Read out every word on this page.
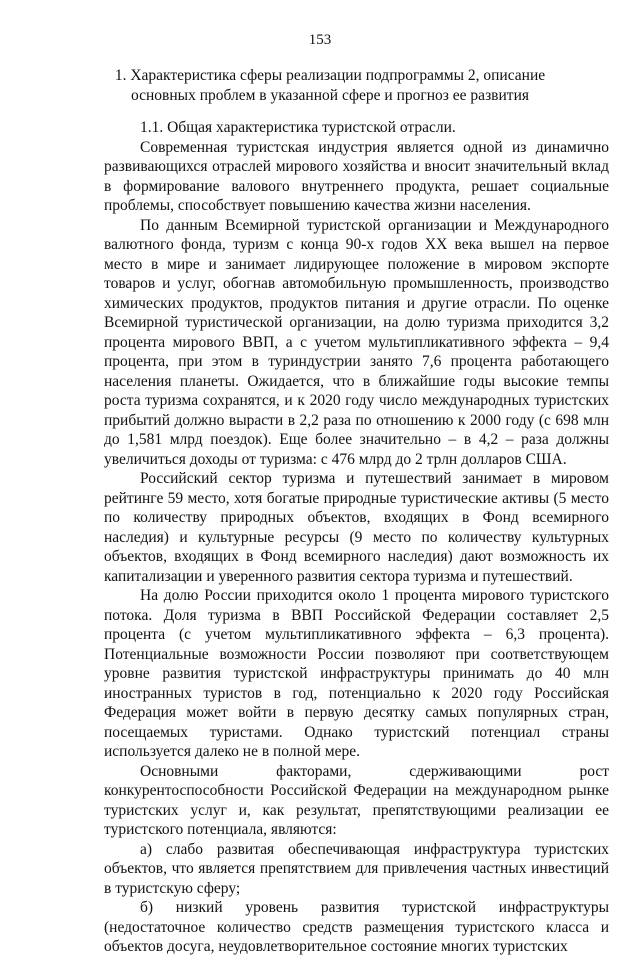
153
1. Характеристика сферы реализации подпрограммы 2, описание
основных проблем в указанной сфере и прогноз ее развития

1.1. Общая характеристика туристской отрасли.

Современная туристская индустрия является одной из динамично развивающихся отраслей мирового хозяйства и вносит значительный вклад в формирование валового внутреннего продукта, решает социальные проблемы, способствует повышению качества жизни населения.

По данным Всемирной туристской организации и Международного валютного фонда, туризм с конца 90-х годов XX века вышел на первое место в мире и занимает лидирующее положение в мировом экспорте товаров и услуг, обогнав автомобильную промышленность, производство химических продуктов, продуктов питания и другие отрасли. По оценке Всемирной туристической организации, на долю туризма приходится 3,2 процента мирового ВВП, а с учетом мультипликативного эффекта – 9,4 процента, при этом в туриндустрии занято 7,6 процента работающего населения планеты. Ожидается, что в ближайшие годы высокие темпы роста туризма сохранятся, и к 2020 году число международных туристских прибытий должно вырасти в 2,2 раза по отношению к 2000 году (с 698 млн до 1,581 млрд поездок). Еще более значительно – в 4,2 – раза должны увеличиться доходы от туризма: с 476 млрд до 2 трлн долларов США.

Российский сектор туризма и путешествий занимает в мировом рейтинге 59 место, хотя богатые природные туристические активы (5 место по количеству природных объектов, входящих в Фонд всемирного наследия) и культурные ресурсы (9 место по количеству культурных объектов, входящих в Фонд всемирного наследия) дают возможность их капитализации и уверенного развития сектора туризма и путешествий.

На долю России приходится около 1 процента мирового туристского потока. Доля туризма в ВВП Российской Федерации составляет 2,5 процента (с учетом мультипликативного эффекта – 6,3 процента). Потенциальные возможности России позволяют при соответствующем уровне развития туристской инфраструктуры принимать до 40 млн иностранных туристов в год, потенциально к 2020 году Российская Федерация может войти в первую десятку самых популярных стран, посещаемых туристами. Однако туристский потенциал страны используется далеко не в полной мере.

Основными факторами, сдерживающими рост конкурентоспособности Российской Федерации на международном рынке туристских услуг и, как результат, препятствующими реализации ее туристского потенциала, являются:

а) слабо развитая обеспечивающая инфраструктура туристских объектов, что является препятствием для привлечения частных инвестиций в туристскую сферу;

б) низкий уровень развития туристской инфраструктуры (недостаточное количество средств размещения туристского класса и объектов досуга, неудовлетворительное состояние многих туристских
